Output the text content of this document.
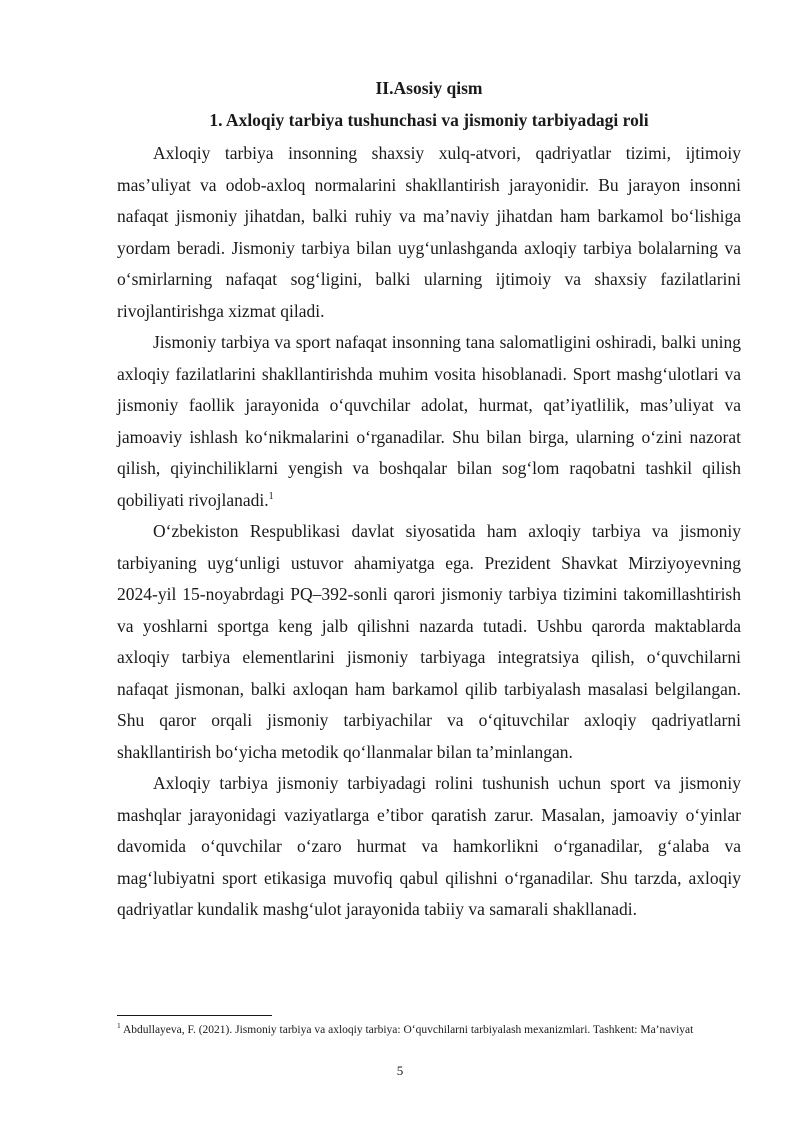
II.Asosiy qism

1. Axloqiy tarbiya tushunchasi va jismoniy tarbiyadagi roli

Axloqiy tarbiya insonning shaxsiy xulq-atvori, qadriyatlar tizimi, ijtimoiy mas’uliyat va odob-axloq normalarini shakllantirish jarayonidir. Bu jarayon insonni nafaqat jismoniy jihatdan, balki ruhiy va ma’naviy jihatdan ham barkamol bo‘lishiga yordam beradi. Jismoniy tarbiya bilan uyg‘unlashganda axloqiy tarbiya bolalarning va o‘smirlarning nafaqat sog‘ligini, balki ularning ijtimoiy va shaxsiy fazilatlarini rivojlantirishga xizmat qiladi.

Jismoniy tarbiya va sport nafaqat insonning tana salomatligini oshiradi, balki uning axloqiy fazilatlarini shakllantirishda muhim vosita hisoblanadi. Sport mashg‘ulotlari va jismoniy faollik jarayonida o‘quvchilar adolat, hurmat, qat’iyatlilik, mas’uliyat va jamoaviy ishlash ko‘nikmalarini o‘rganadilar. Shu bilan birga, ularning o‘zini nazorat qilish, qiyinchiliklarni yengish va boshqalar bilan sog‘lom raqobatni tashkil qilish qobiliyati rivojlanadi.$^1$

O‘zbekiston Respublikasi davlat siyosatida ham axloqiy tarbiya va jismoniy tarbiyaning uyg‘unligi ustuvor ahamiyatga ega. Prezident Shavkat Mirziyoyevning 2024-yil 15-noyabrdagi PQ–392-sonli qarori jismoniy tarbiya tizimini takomillashtirish va yoshlarni sportga keng jalb qilishni nazarda tutadi. Ushbu qarorda maktablarda axloqiy tarbiya elementlarini jismoniy tarbiyaga integratsiya qilish, o‘quvchilarni nafaqat jismonan, balki axloqan ham barkamol qilib tarbiyalash masalasi belgilangan. Shu qaror orqali jismoniy tarbiyachilar va o‘qituvchilar axloqiy qadriyatlarni shakllantirish bo‘yicha metodik qo‘llanmalar bilan ta’minlangan.

Axloqiy tarbiya jismoniy tarbiyadagi rolini tushunish uchun sport va jismoniy mashqlar jarayonidagi vaziyatlarga e’tibor qaratish zarur. Masalan, jamoaviy o‘yinlar davomida o‘quvchilar o‘zaro hurmat va hamkorlikni o‘rganadilar, g‘alaba va mag‘lubiyatni sport etikasiga muvofiq qabul qilishni o‘rganadilar. Shu tarzda, axloqiy qadriyatlar kundalik mashg‘ulot jarayonida tabiiy va samarali shakllanadi.

$^1$ Abdullayeva, F. (2021). Jismoniy tarbiya va axloqiy tarbiya: O‘quvchilarni tarbiyalash mexanizmlari. Tashkent: Ma’naviyat
5
